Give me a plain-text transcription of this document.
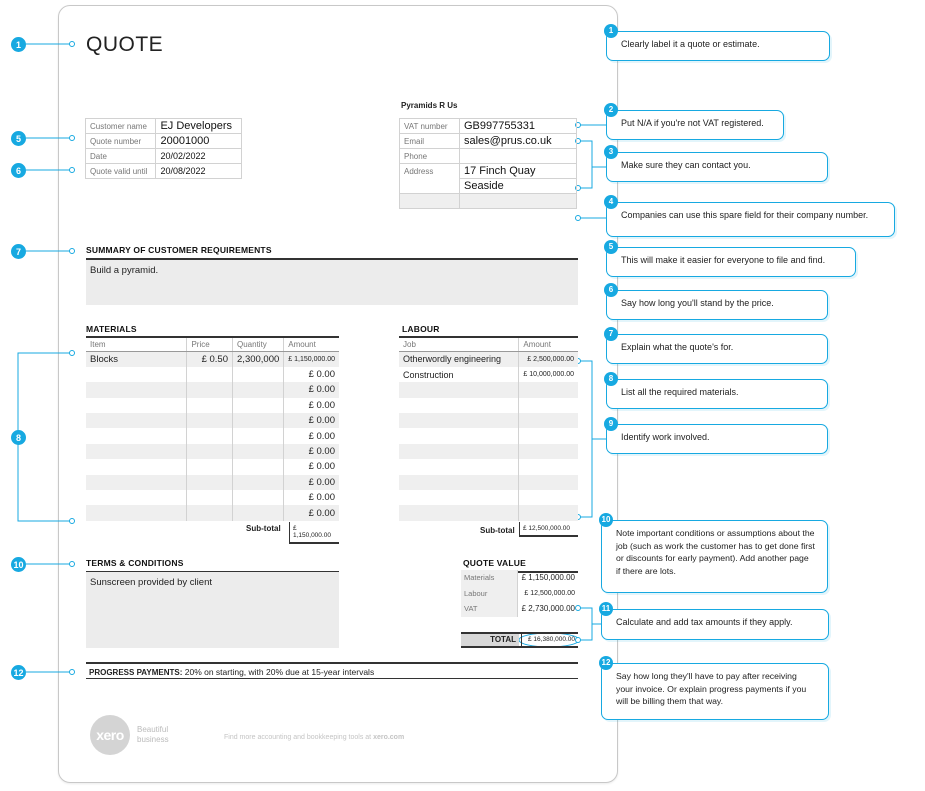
QUOTE
1
5
6
7
8
10
12
Customer name	EJ Developers
Quote number	20001000
Date	20/02/2022
Quote valid until	20/08/2022
Pyramids R Us
VAT number	GB997755331
Email	sales@prus.co.uk
Phone	
Address	17 Finch Quay
	Seaside

SUMMARY OF CUSTOMER REQUIREMENTS
Build a pyramid.
MATERIALS
Item	Price	Quantity	Amount
Blocks	£ 0.50	2,300,000	£ 1,150,000.00
			£ 0.00
			£ 0.00
			£ 0.00
			£ 0.00
			£ 0.00
			£ 0.00
			£ 0.00
			£ 0.00
			£ 0.00
			£ 0.00
Sub-total	£ 1,150,000.00
LABOUR
Job	Amount
Otherwordly engineering	£ 2,500,000.00
Construction	£ 10,000,000.00

Sub-total	£ 12,500,000.00
TERMS & CONDITIONS
Sunscreen provided by client
QUOTE VALUE
Materials	£ 1,150,000.00
Labour	£ 12,500,000.00
VAT	£ 2,730,000.00
TOTAL	£ 16,380,000.00
PROGRESS PAYMENTS: 20% on starting, with 20% due at 15-year intervals
xero Beautiful
business	Find more accounting and bookkeeping tools at xero.com
1
Clearly label it a quote or estimate.
2
Put N/A if you're not VAT registered.
3
Make sure they can contact you.
4
Companies can use this spare field for their company number.
5
This will make it easier for everyone to file and find.
6
Say how long you'll stand by the price.
7
Explain what the quote's for.
8
List all the required materials.
9
Identify work involved.
10
Note important conditions or assumptions about the job (such as work the customer has to get done first or discounts for early payment). Add another page if there are lots.
11
Calculate and add tax amounts if they apply.
12
Say how long they'll have to pay after receiving your invoice. Or explain progress payments if you will be billing them that way.
